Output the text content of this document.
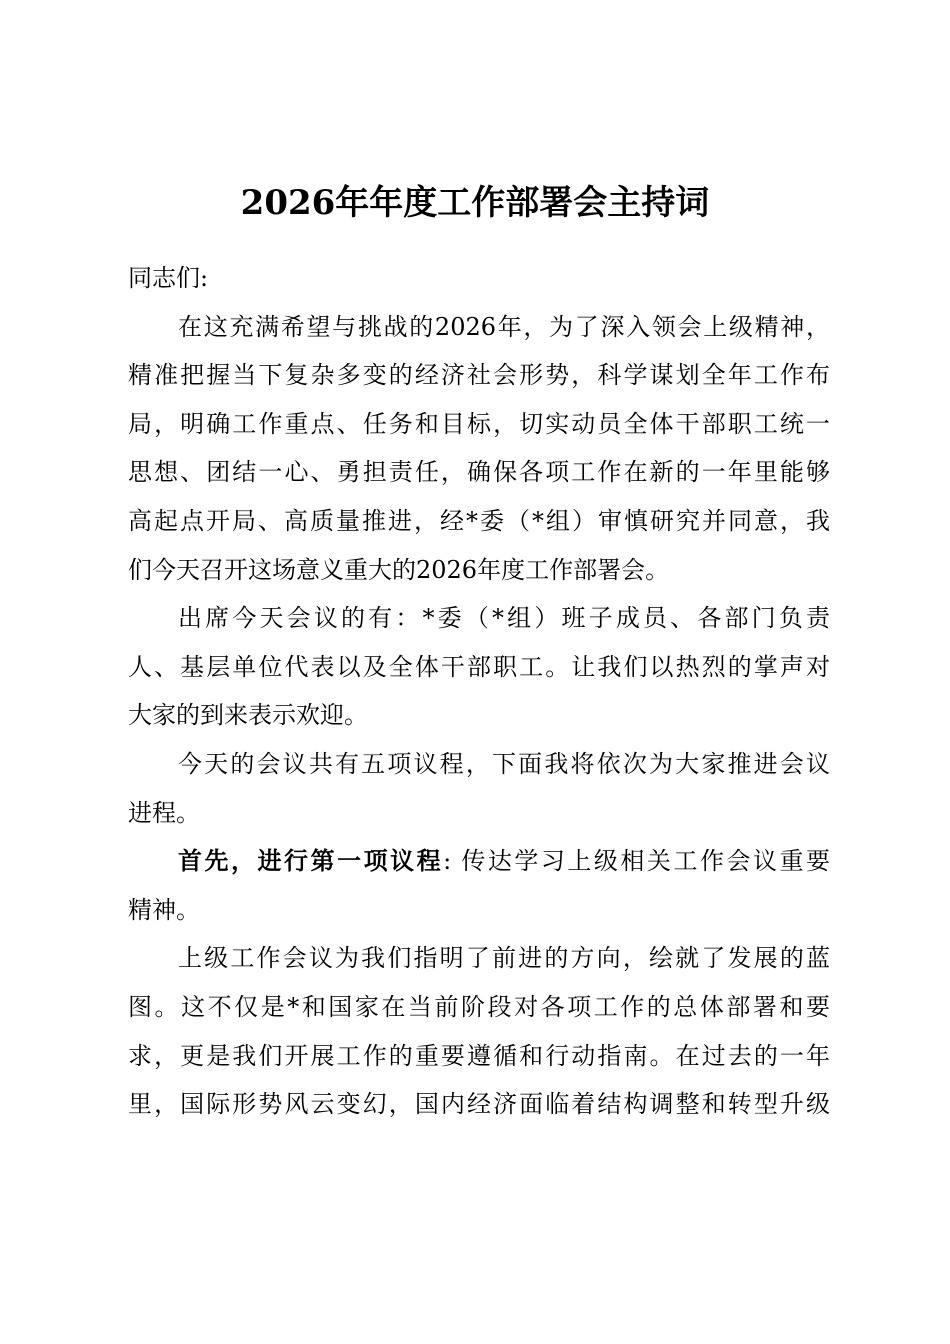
2026年年度工作部署会主持词
同志们:
在这充满希望与挑战的2026年，为了深入领会上级精神，
精准把握当下复杂多变的经济社会形势，科学谋划全年工作布
局，明确工作重点、任务和目标，切实动员全体干部职工统一
思想、团结一心、勇担责任，确保各项工作在新的一年里能够
高起点开局、高质量推进，经*委（*组）审慎研究并同意，我
们今天召开这场意义重大的2026年度工作部署会。
出席今天会议的有：*委（*组）班子成员、各部门负责
人、基层单位代表以及全体干部职工。让我们以热烈的掌声对
大家的到来表示欢迎。
今天的会议共有五项议程，下面我将依次为大家推进会议
进程。
首先，进行第一项议程: 传达学习上级相关工作会议重要
精神。
上级工作会议为我们指明了前进的方向，绘就了发展的蓝
图。这不仅是*和国家在当前阶段对各项工作的总体部署和要
求，更是我们开展工作的重要遵循和行动指南。在过去的一年
里，国际形势风云变幻，国内经济面临着结构调整和转型升级
